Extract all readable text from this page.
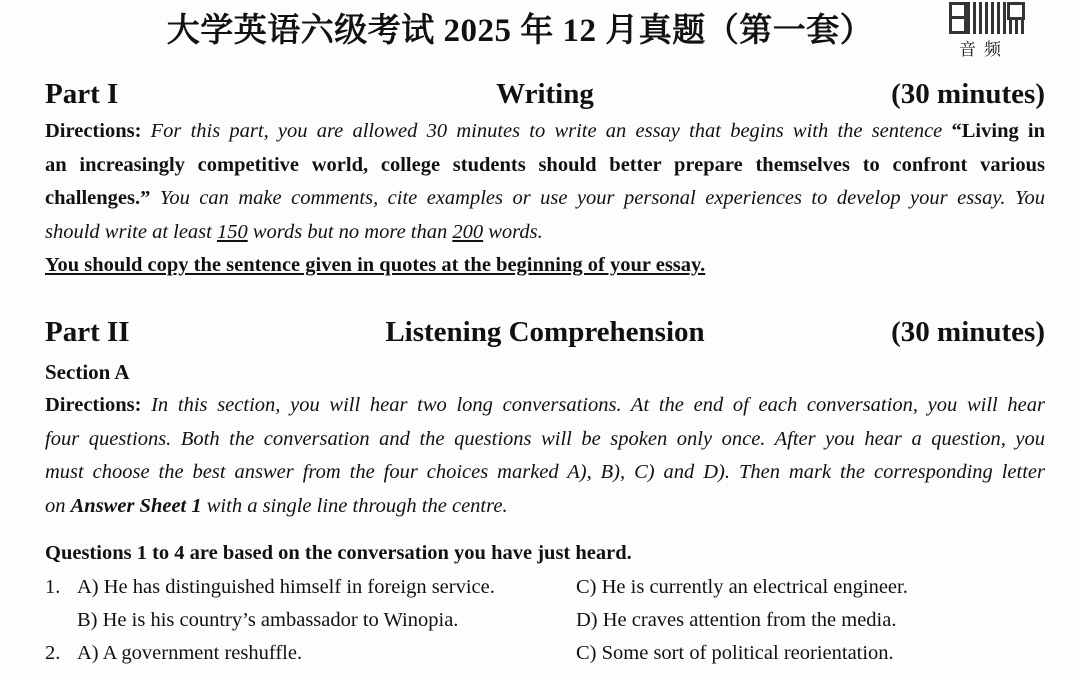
大学英语六级考试 2025 年 12 月真题（第一套）
音频
Part I	Writing	(30 minutes)
Directions: For this part, you are allowed 30 minutes to write an essay that begins with the sentence “Living in
an increasingly competitive world, college students should better prepare themselves to confront various
challenges.” You can make comments, cite examples or use your personal experiences to develop your essay. You
should write at least 150 words but no more than 200 words.
You should copy the sentence given in quotes at the beginning of your essay.
Part II	Listening Comprehension	(30 minutes)
Section A
Directions: In this section, you will hear two long conversations. At the end of each conversation, you will hear
four questions. Both the conversation and the questions will be spoken only once. After you hear a question, you
must choose the best answer from the four choices marked A), B), C) and D). Then mark the corresponding letter
on Answer Sheet 1 with a single line through the centre.
Questions 1 to 4 are based on the conversation you have just heard.
1. A) He has distinguished himself in foreign service.	C) He is currently an electrical engineer.
B) He is his country’s ambassador to Winopia.	D) He craves attention from the media.
2. A) A government reshuffle.	C) Some sort of political reorientation.
